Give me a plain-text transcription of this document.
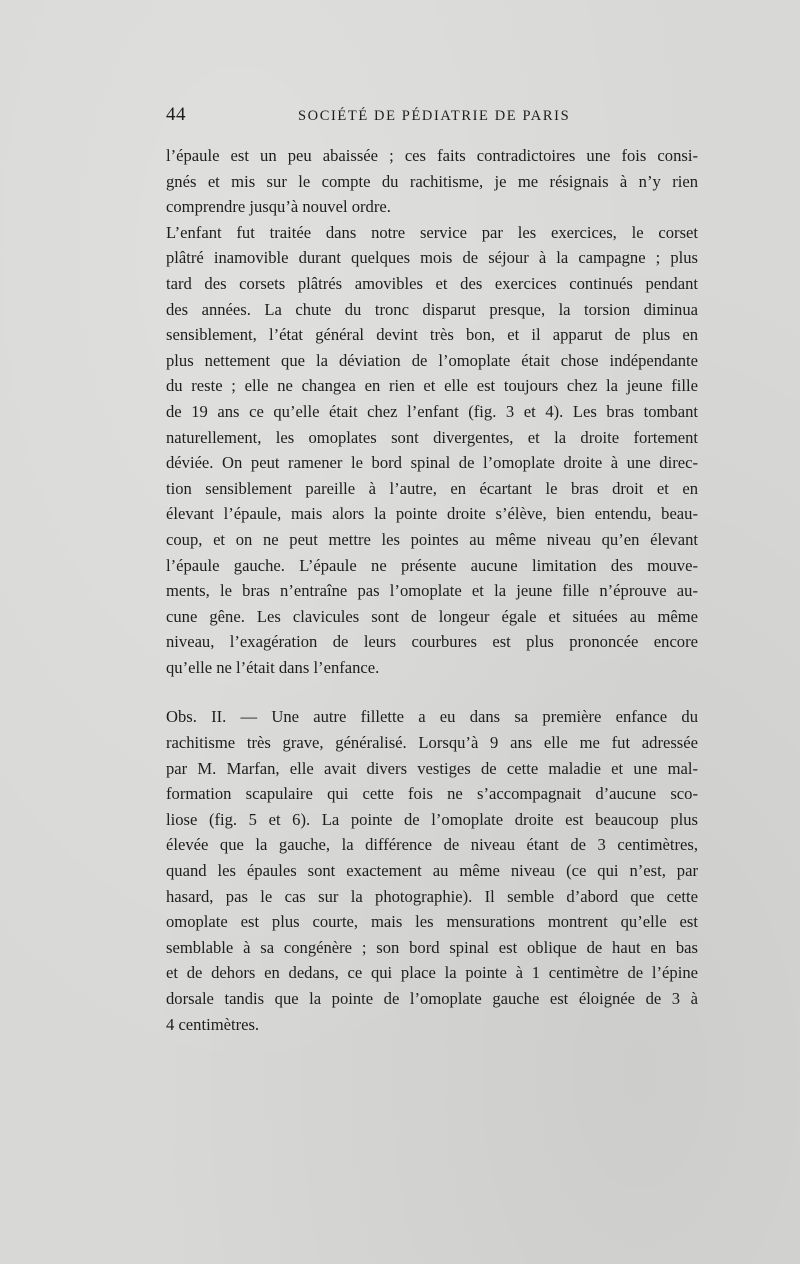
44	SOCIÉTÉ DE PÉDIATRIE DE PARIS

l’épaule est un peu abaissée ; ces faits contradictoires une fois consi-
gnés et mis sur le compte du rachitisme, je me résignais à n’y rien
comprendre jusqu’à nouvel ordre.

L’enfant fut traitée dans notre service par les exercices, le corset
plâtré inamovible durant quelques mois de séjour à la campagne ; plus
tard des corsets plâtrés amovibles et des exercices continués pendant
des années. La chute du tronc disparut presque, la torsion diminua
sensiblement, l’état général devint très bon, et il apparut de plus en
plus nettement que la déviation de l’omoplate était chose indépendante
du reste ; elle ne changea en rien et elle est toujours chez la jeune fille
de 19 ans ce qu’elle était chez l’enfant (fig. 3 et 4). Les bras tombant
naturellement, les omoplates sont divergentes, et la droite fortement
déviée. On peut ramener le bord spinal de l’omoplate droite à une direc-
tion sensiblement pareille à l’autre, en écartant le bras droit et en
élevant l’épaule, mais alors la pointe droite s’élève, bien entendu, beau-
coup, et on ne peut mettre les pointes au même niveau qu’en élevant
l’épaule gauche. L’épaule ne présente aucune limitation des mouve-
ments, le bras n’entraîne pas l’omoplate et la jeune fille n’éprouve au-
cune gêne. Les clavicules sont de longeur égale et situées au même
niveau, l’exagération de leurs courbures est plus prononcée encore
qu’elle ne l’était dans l’enfance.

Obs. II. — Une autre fillette a eu dans sa première enfance du
rachitisme très grave, généralisé. Lorsqu’à 9 ans elle me fut adressée
par M. Marfan, elle avait divers vestiges de cette maladie et une mal-
formation scapulaire qui cette fois ne s’accompagnait d’aucune sco-
liose (fig. 5 et 6). La pointe de l’omoplate droite est beaucoup plus
élevée que la gauche, la différence de niveau étant de 3 centimètres,
quand les épaules sont exactement au même niveau (ce qui n’est, par
hasard, pas le cas sur la photographie). Il semble d’abord que cette
omoplate est plus courte, mais les mensurations montrent qu’elle est
semblable à sa congénère ; son bord spinal est oblique de haut en bas
et de dehors en dedans, ce qui place la pointe à 1 centimètre de l’épine
dorsale tandis que la pointe de l’omoplate gauche est éloignée de 3 à
4 centimètres.
